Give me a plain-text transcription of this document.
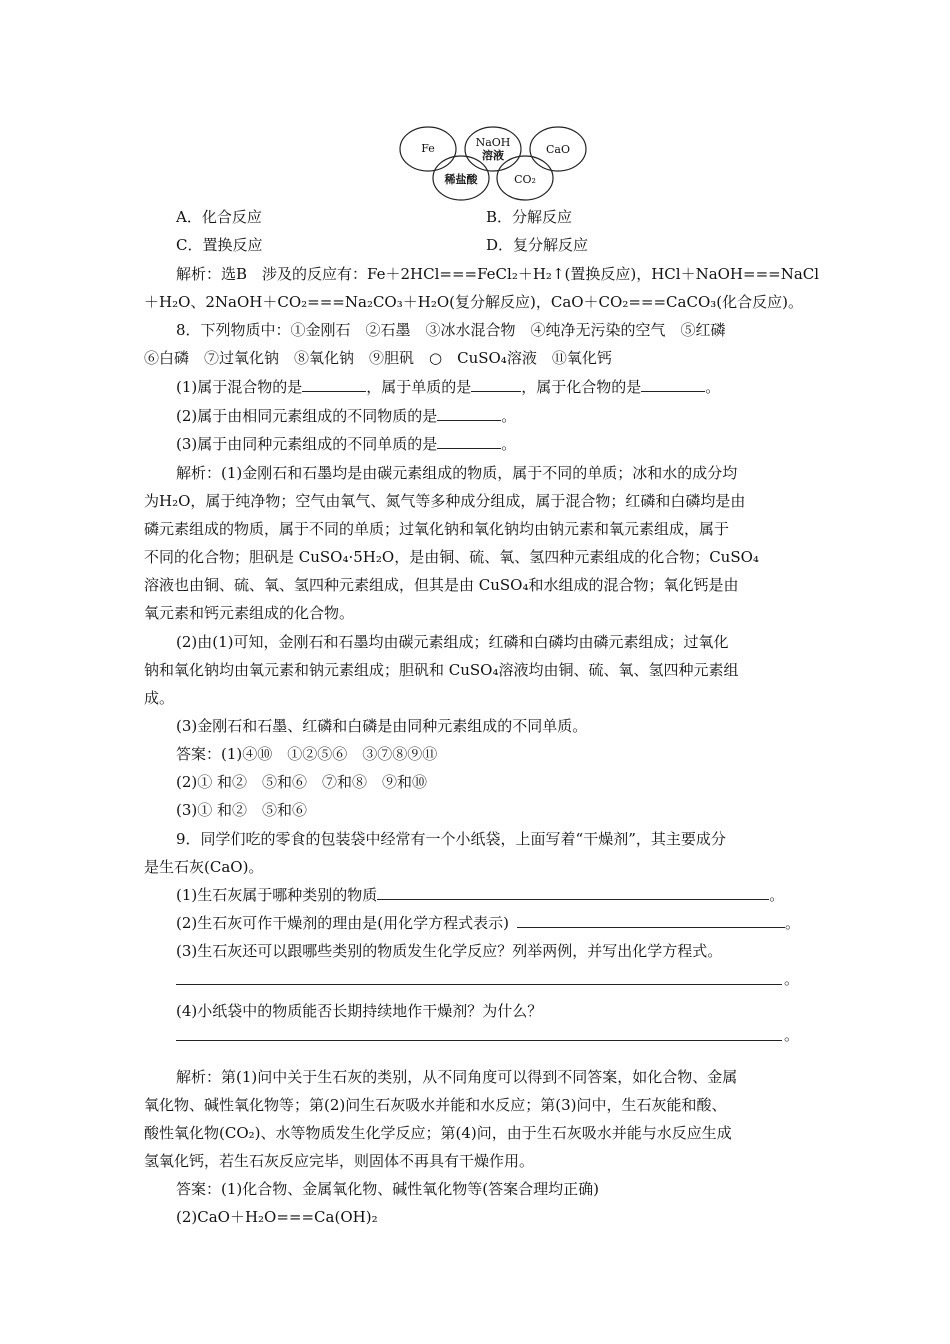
Fe	NaOH
溶液	CaO
稀盐酸	CO₂
A．化合反应	B．分解反应
C．置换反应	D．复分解反应
解析：选B　涉及的反应有：Fe＋2HCl===FeCl₂＋H₂↑(置换反应)，HCl＋NaOH===NaCl
＋H₂O、2NaOH＋CO₂===Na₂CO₃＋H₂O(复分解反应)，CaO＋CO₂===CaCO₃(化合反应)。
8．下列物质中：①金刚石　②石墨　③冰水混合物　④纯净无污染的空气　⑤红磷
⑥白磷　⑦过氧化钠　⑧氧化钠　⑨胆矾　○　CuSO₄溶液　⑪氧化钙
(1)属于混合物的是	，属于单质的是	，属于化合物的是	。
(2)属于由相同元素组成的不同物质的是	。
(3)属于由同种元素组成的不同单质的是	。
解析：(1)金刚石和石墨均是由碳元素组成的物质，属于不同的单质；冰和水的成分均
为H₂O，属于纯净物；空气由氧气、氮气等多种成分组成，属于混合物；红磷和白磷均是由
磷元素组成的物质，属于不同的单质；过氧化钠和氧化钠均由钠元素和氧元素组成，属于
不同的化合物；胆矾是 CuSO₄·5H₂O，是由铜、硫、氧、氢四种元素组成的化合物；CuSO₄
溶液也由铜、硫、氧、氢四种元素组成，但其是由 CuSO₄和水组成的混合物；氧化钙是由
氧元素和钙元素组成的化合物。
(2)由(1)可知，金刚石和石墨均由碳元素组成；红磷和白磷均由磷元素组成；过氧化
钠和氧化钠均由氧元素和钠元素组成；胆矾和 CuSO₄溶液均由铜、硫、氧、氢四种元素组
成。
(3)金刚石和石墨、红磷和白磷是由同种元素组成的不同单质。
答案：(1)④⑩　①②⑤⑥　③⑦⑧⑨⑪
(2)① 和②　⑤和⑥　⑦和⑧　⑨和⑩
(3)① 和②　⑤和⑥
9．同学们吃的零食的包装袋中经常有一个小纸袋，上面写着“干燥剂”，其主要成分
是生石灰(CaO)。
(1)生石灰属于哪种类别的物质	。
(2)生石灰可作干燥剂的理由是(用化学方程式表示)	。
(3)生石灰还可以跟哪些类别的物质发生化学反应？列举两例，并写出化学方程式。
。
(4)小纸袋中的物质能否长期持续地作干燥剂？为什么？
。
解析：第(1)问中关于生石灰的类别，从不同角度可以得到不同答案，如化合物、金属
氧化物、碱性氧化物等；第(2)问生石灰吸水并能和水反应；第(3)问中，生石灰能和酸、
酸性氧化物(CO₂)、水等物质发生化学反应；第(4)问，由于生石灰吸水并能与水反应生成
氢氧化钙，若生石灰反应完毕，则固体不再具有干燥作用。
答案：(1)化合物、金属氧化物、碱性氧化物等(答案合理均正确)
(2)CaO＋H₂O===Ca(OH)₂
